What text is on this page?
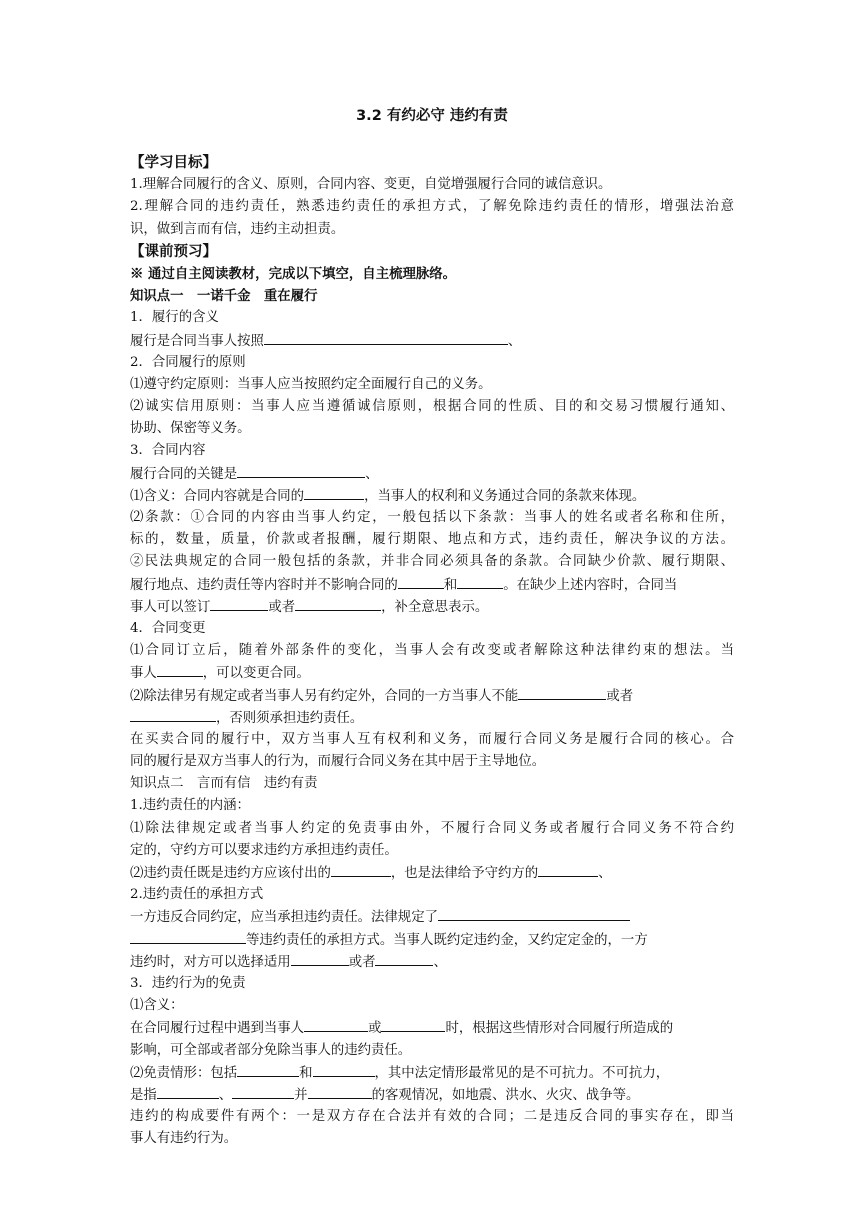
3.2 有约必守 违约有责
【学习目标】
1.理解合同履行的含义、原则，合同内容、变更，自觉增强履行合同的诚信意识。
2.理解合同的违约责任，熟悉违约责任的承担方式，了解免除违约责任的情形，增强法治意
识，做到言而有信，违约主动担责。
【课前预习】
※ 通过自主阅读教材，完成以下填空，自主梳理脉络。
知识点一　一诺千金　重在履行
1．履行的含义
履行是合同当事人按照	、
2．合同履行的原则
⑴遵守约定原则：当事人应当按照约定全面履行自己的义务。
⑵诚实信用原则：当事人应当遵循诚信原则，根据合同的性质、目的和交易习惯履行通知、
协助、保密等义务。
3．合同内容
履行合同的关键是	、
⑴含义：合同内容就是合同的	，当事人的权利和义务通过合同的条款来体现。
⑵条款：①合同的内容由当事人约定，一般包括以下条款：当事人的姓名或者名称和住所，
标的，数量，质量，价款或者报酬，履行期限、地点和方式，违约责任，解决争议的方法。
②民法典规定的合同一般包括的条款，并非合同必须具备的条款。合同缺少价款、履行期限、
履行地点、违约责任等内容时并不影响合同的	和	。在缺少上述内容时，合同当
事人可以签订	或者	，补全意思表示。
4．合同变更
⑴合同订立后，随着外部条件的变化，当事人会有改变或者解除这种法律约束的想法。当
事人	，可以变更合同。
⑵除法律另有规定或者当事人另有约定外，合同的一方当事人不能	或者
，否则须承担违约责任。
在买卖合同的履行中，双方当事人互有权利和义务，而履行合同义务是履行合同的核心。合
同的履行是双方当事人的行为，而履行合同义务在其中居于主导地位。
知识点二　言而有信　违约有责
1.违约责任的内涵：
⑴除法律规定或者当事人约定的免责事由外，不履行合同义务或者履行合同义务不符合约
定的，守约方可以要求违约方承担违约责任。
⑵违约责任既是违约方应该付出的	，也是法律给予守约方的	、
2.违约责任的承担方式
一方违反合同约定，应当承担违约责任。法律规定了
等违约责任的承担方式。当事人既约定违约金，又约定定金的，一方
违约时，对方可以选择适用	或者	、
3．违约行为的免责
⑴含义：
在合同履行过程中遇到当事人	或	时，根据这些情形对合同履行所造成的
影响，可全部或者部分免除当事人的违约责任。
⑵免责情形：包括	和	，其中法定情形最常见的是不可抗力。不可抗力，
是指	、	并	的客观情况，如地震、洪水、火灾、战争等。
违约的构成要件有两个：一是双方存在合法并有效的合同；二是违反合同的事实存在，即当
事人有违约行为。
